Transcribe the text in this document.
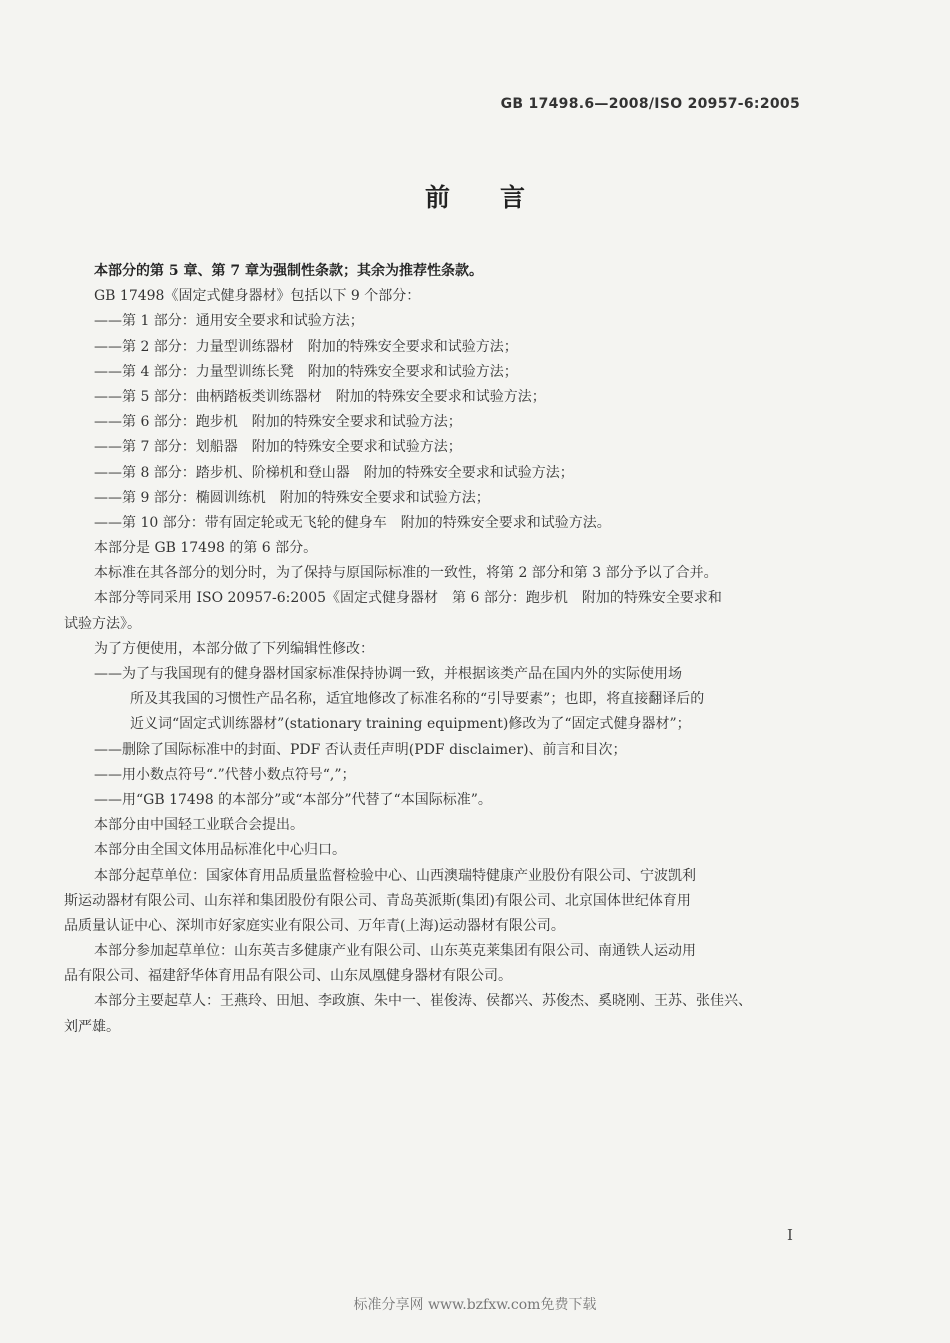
GB 17498.6—2008/ISO 20957-6:2005
前言
本部分的第 5 章、第 7 章为强制性条款；其余为推荐性条款。
GB 17498《固定式健身器材》包括以下 9 个部分：
——第 1 部分：通用安全要求和试验方法；
——第 2 部分：力量型训练器材　附加的特殊安全要求和试验方法；
——第 4 部分：力量型训练长凳　附加的特殊安全要求和试验方法；
——第 5 部分：曲柄踏板类训练器材　附加的特殊安全要求和试验方法；
——第 6 部分：跑步机　附加的特殊安全要求和试验方法；
——第 7 部分：划船器　附加的特殊安全要求和试验方法；
——第 8 部分：踏步机、阶梯机和登山器　附加的特殊安全要求和试验方法；
——第 9 部分：椭圆训练机　附加的特殊安全要求和试验方法；
——第 10 部分：带有固定轮或无飞轮的健身车　附加的特殊安全要求和试验方法。
本部分是 GB 17498 的第 6 部分。
本标准在其各部分的划分时，为了保持与原国际标准的一致性，将第 2 部分和第 3 部分予以了合并。
本部分等同采用 ISO 20957-6:2005《固定式健身器材　第 6 部分：跑步机　附加的特殊安全要求和
试验方法》。
为了方便使用，本部分做了下列编辑性修改：
——为了与我国现有的健身器材国家标准保持协调一致，并根据该类产品在国内外的实际使用场
所及其我国的习惯性产品名称，适宜地修改了标准名称的“引导要素”；也即，将直接翻译后的
近义词“固定式训练器材”(stationary training equipment)修改为了“固定式健身器材”；
——删除了国际标准中的封面、PDF 否认责任声明(PDF disclaimer)、前言和目次；
——用小数点符号“.”代替小数点符号“,”；
——用“GB 17498 的本部分”或“本部分”代替了“本国际标准”。
本部分由中国轻工业联合会提出。
本部分由全国文体用品标准化中心归口。
本部分起草单位：国家体育用品质量监督检验中心、山西澳瑞特健康产业股份有限公司、宁波凯利
斯运动器材有限公司、山东祥和集团股份有限公司、青岛英派斯(集团)有限公司、北京国体世纪体育用
品质量认证中心、深圳市好家庭实业有限公司、万年青(上海)运动器材有限公司。
本部分参加起草单位：山东英吉多健康产业有限公司、山东英克莱集团有限公司、南通铁人运动用
品有限公司、福建舒华体育用品有限公司、山东凤凰健身器材有限公司。
本部分主要起草人：王燕玲、田旭、李政旗、朱中一、崔俊涛、侯都兴、苏俊杰、奚晓刚、王苏、张佳兴、
刘严雄。
I
标准分享网 www.bzfxw.com免费下载
